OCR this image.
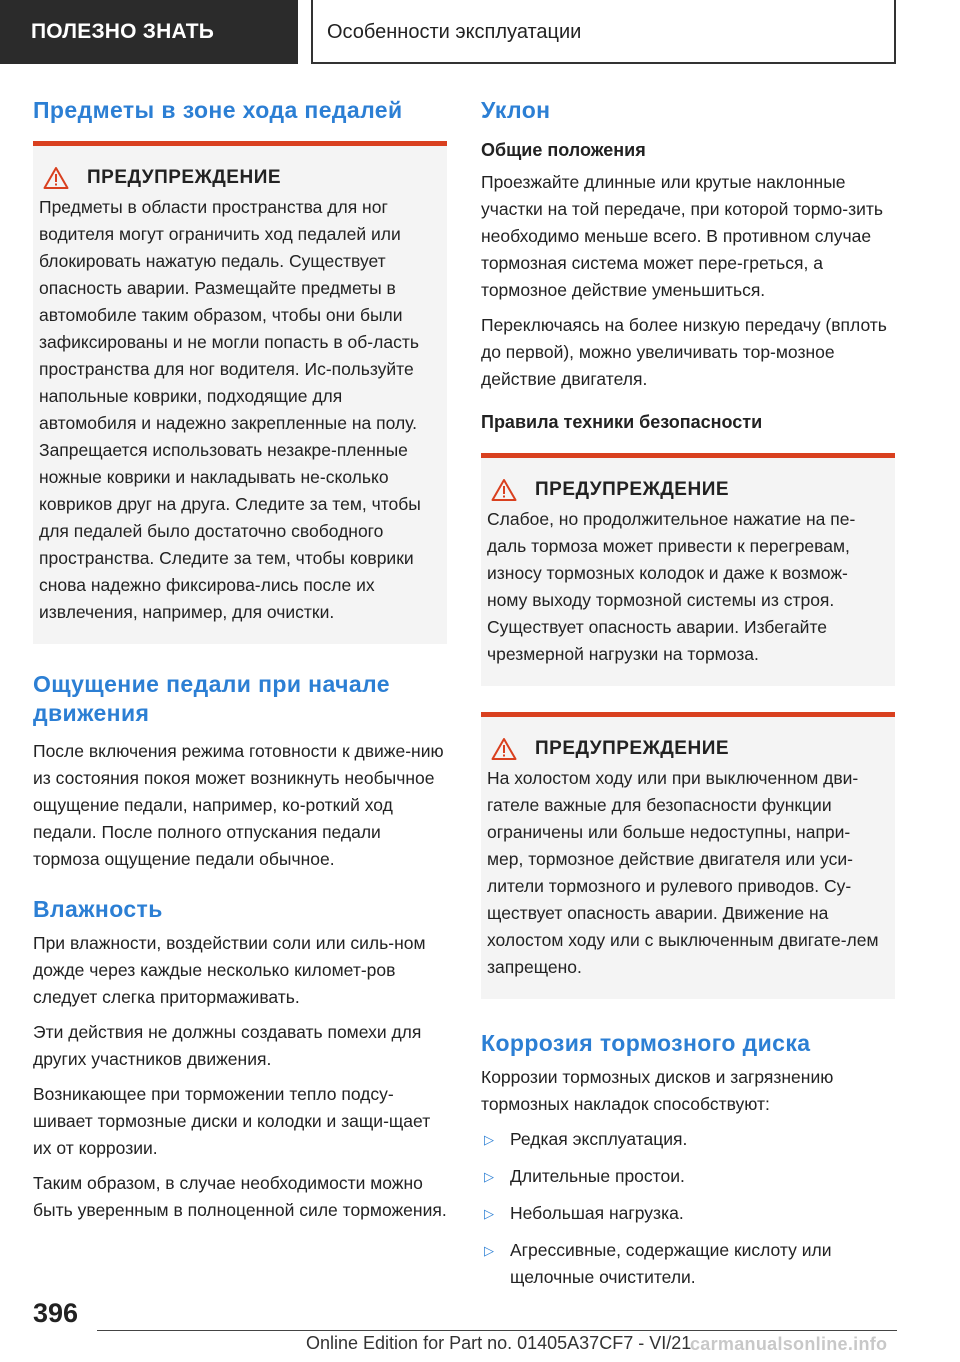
ПОЛЕЗНО ЗНАТЬ	Особенности эксплуатации
Предметы в зоне хода педалей
ПРЕДУПРЕЖДЕНИЕ

Предметы в области пространства для ног водителя могут ограничить ход педалей или блокировать нажатую педаль. Существует опасность аварии. Размещайте предметы в автомобиле таким образом, чтобы они были зафиксированы и не могли попасть в об-ласть пространства для ног водителя. Ис-пользуйте напольные коврики, подходящие для автомобиля и надежно закрепленные на полу. Запрещается использовать незакре-пленные ножные коврики и накладывать не-сколько ковриков друг на друга. Следите за тем, чтобы для педалей было достаточно свободного пространства. Следите за тем, чтобы коврики снова надежно фиксирова-лись после их извлечения, например, для очистки.

Ощущение педали при начале движения

После включения режима готовности к движе-нию из состояния покоя может возникнуть необычное ощущение педали, например, ко-роткий ход педали. После полного отпускания педали тормоза ощущение педали обычное.

Влажность

При влажности, воздействии соли или силь-ном дожде через каждые несколько километ-ров следует слегка притормаживать.

Эти действия не должны создавать помехи для других участников движения.

Возникающее при торможении тепло подсу-шивает тормозные диски и колодки и защи-щает их от коррозии.

Таким образом, в случае необходимости можно быть уверенным в полноценной силе торможения.

Уклон
Общие положения

Проезжайте длинные или крутые наклонные участки на той передаче, при которой тормо-зить необходимо меньше всего. В противном случае тормозная система может пере-греться, а тормозное действие уменьшиться.

Переключаясь на более низкую передачу (вплоть до первой), можно увеличивать тор-мозное действие двигателя.

Правила техники безопасности
ПРЕДУПРЕЖДЕНИЕ

Слабое, но продолжительное нажатие на пе-даль тормоза может привести к перегревам, износу тормозных колодок и даже к возмож-ному выходу тормозной системы из строя. Существует опасность аварии. Избегайте чрезмерной нагрузки на тормоза.

ПРЕДУПРЕЖДЕНИЕ

На холостом ходу или при выключенном дви-гателе важные для безопасности функции ограничены или больше недоступны, напри-мер, тормозное действие двигателя или уси-лители тормозного и рулевого приводов. Су-ществует опасность аварии. Движение на холостом ходу или с выключенным двигате-лем запрещено.

Коррозия тормозного диска

Коррозии тормозных дисков и загрязнению тормозных накладок способствуют:

▷ Редкая эксплуатация.
▷ Длительные простои.
▷ Небольшая нагрузка.
▷ Агрессивные, содержащие кислоту или щелочные очистители.
396
Online Edition for Part no. 01405A37CF7 - VI/21
carmanualsonline.info
